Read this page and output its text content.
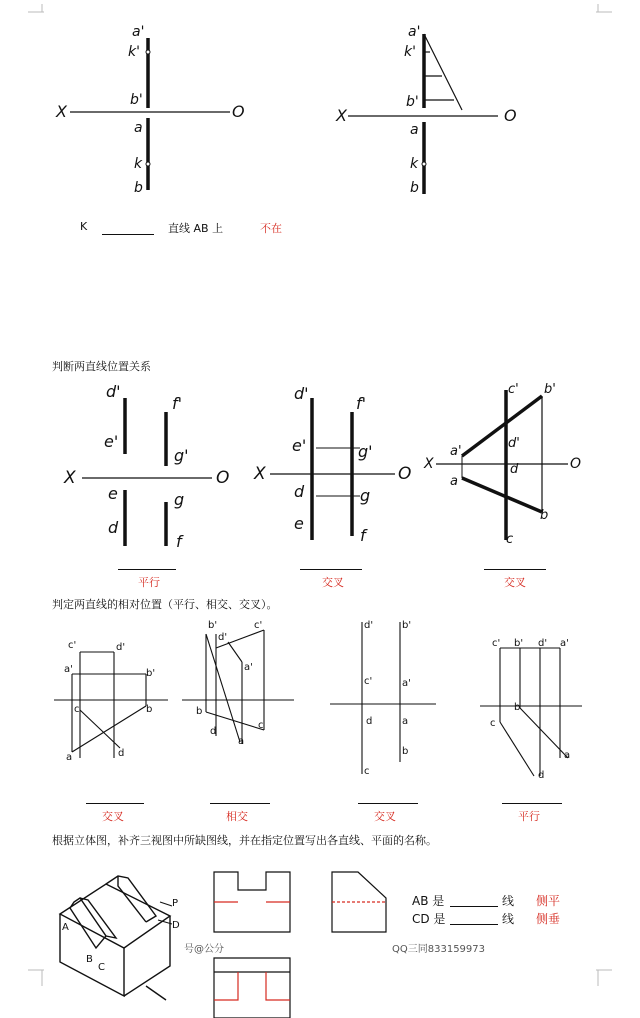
a'
k'
b'
a
k
b
X	O
a'
k'
b'
a
k
b
X	O
K	直线 AB 上	不在
判断两直线位置关系
d'
f'
e'
g'
X	O
e	g
d
f
d'
f'
e'	g'
X	O
d	g
e
f
c' b'
a'
d'
X	O
a
d
b
c
平行	交叉	交叉
判定两直线的相对位置（平行、相交、交叉）。
c'	d'
a'	b'
c	b
a	d
b'	c'
d'
a'
b
d
c
a
d'	b'
c'	a'
d	a
b
c
c' b' d' a'
c
b
a
d
交叉	相交	交叉	平行
根据立体图，补齐三视图中所缺图线，并在指定位置写出各直线、平面的名称。
P
D
A
B
C
AB 是	线 侧平
CD 是	线 侧垂
号@公分	QQ三同833159973
